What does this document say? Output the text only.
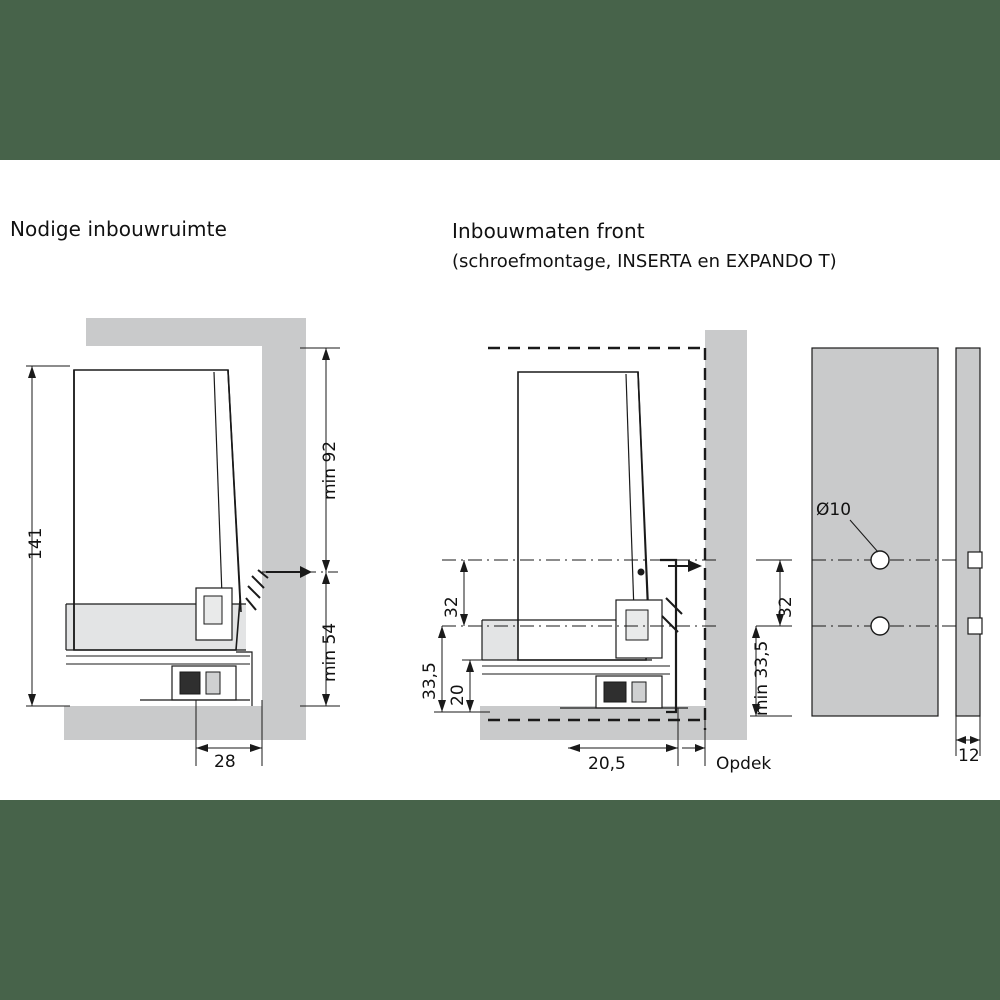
Nodige inbouwruimte	Inbouwmaten front
(schroefmontage, INSERTA en EXPANDO T)
141
min 92
min 54
28
32
33,5 20
20,5	Opdek
32
min 33,5
Ø10
12
